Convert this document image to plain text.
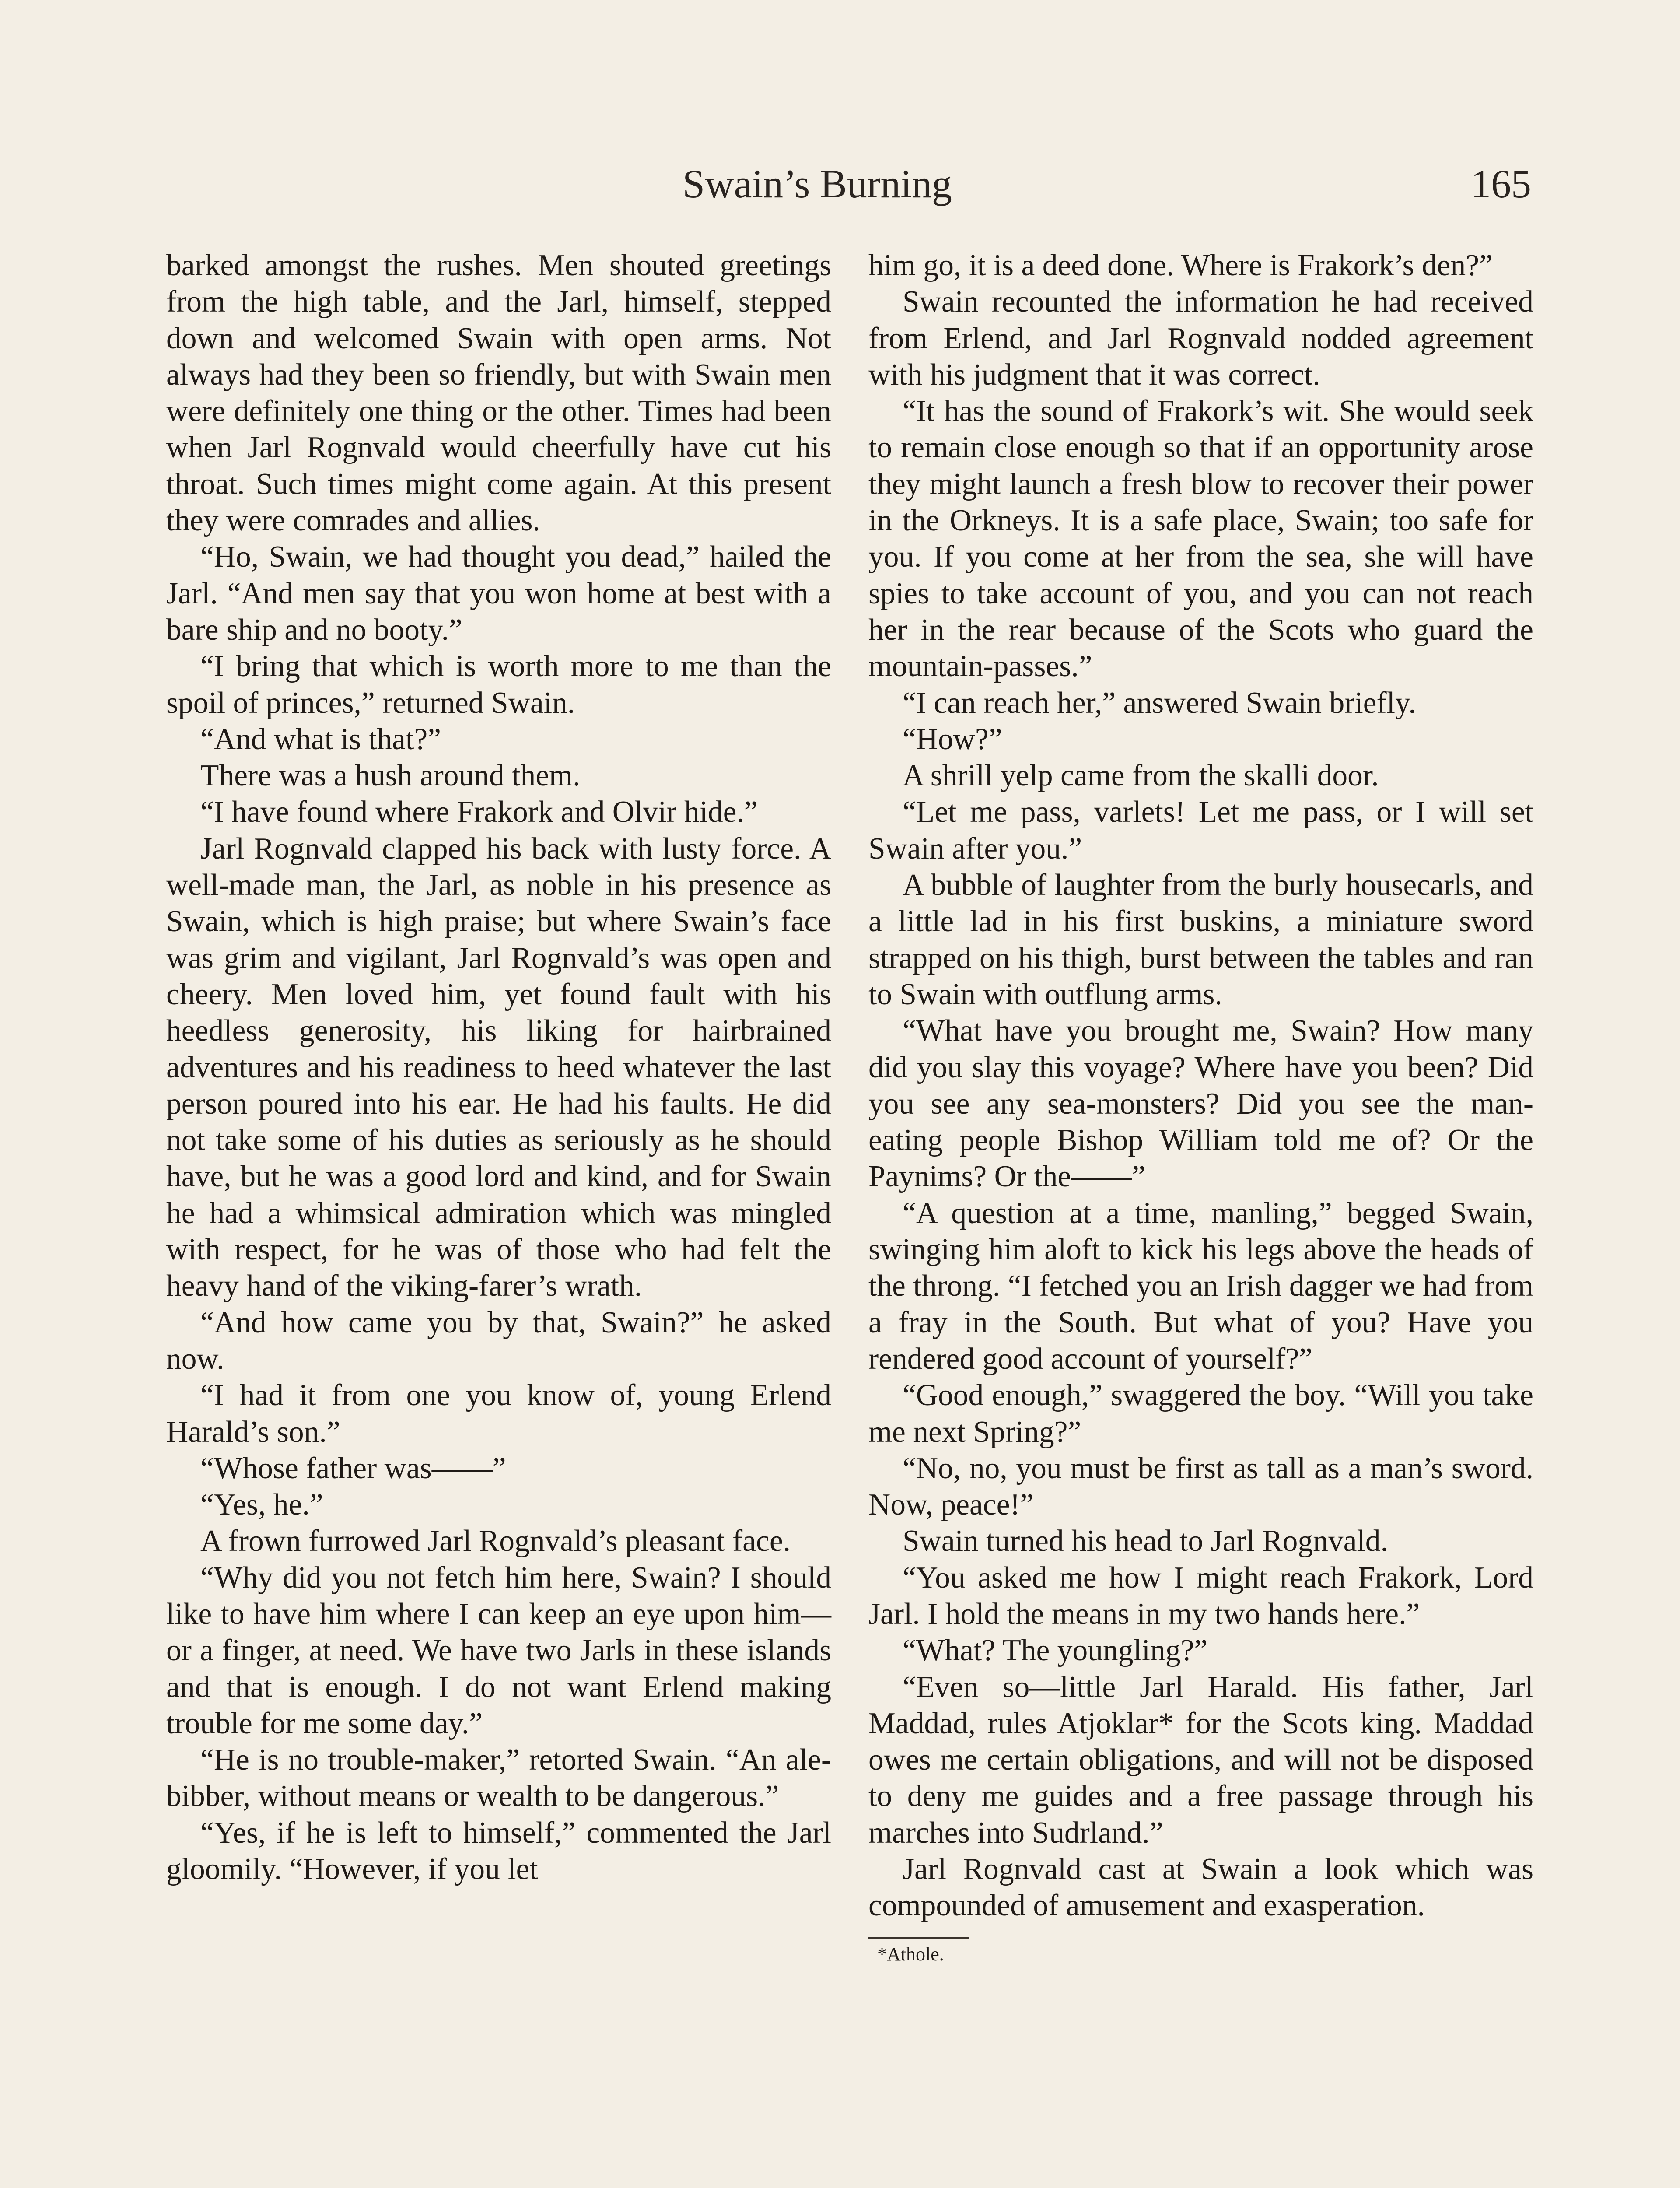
Swain’s Burning	165

barked amongst the rushes. Men shouted greetings from the high table, and the Jarl, himself, stepped down and welcomed Swain with open arms. Not always had they been so friendly, but with Swain men were definitely one thing or the other. Times had been when Jarl Rognvald would cheerfully have cut his throat. Such times might come again. At this present they were comrades and allies.

“Ho, Swain, we had thought you dead,” hailed the Jarl. “And men say that you won home at best with a bare ship and no booty.”

“I bring that which is worth more to me than the spoil of princes,” returned Swain.

“And what is that?”

There was a hush around them.

“I have found where Frakork and Olvir hide.”

Jarl Rognvald clapped his back with lusty force. A well-made man, the Jarl, as noble in his presence as Swain, which is high praise; but where Swain’s face was grim and vigilant, Jarl Rognvald’s was open and cheery. Men loved him, yet found fault with his heedless generosity, his liking for hairbrained adventures and his readiness to heed whatever the last person poured into his ear. He had his faults. He did not take some of his duties as seriously as he should have, but he was a good lord and kind, and for Swain he had a whimsical admiration which was mingled with respect, for he was of those who had felt the heavy hand of the viking-farer’s wrath.

“And how came you by that, Swain?” he asked now.

“I had it from one you know of, young Erlend Harald’s son.”

“Whose father was——”

“Yes, he.”

A frown furrowed Jarl Rognvald’s pleasant face.

“Why did you not fetch him here, Swain? I should like to have him where I can keep an eye upon him—or a finger, at need. We have two Jarls in these islands and that is enough. I do not want Erlend making trouble for me some day.”

“He is no trouble-maker,” retorted Swain. “An ale-bibber, without means or wealth to be dangerous.”

“Yes, if he is left to himself,” commented the Jarl gloomily. “However, if you let

him go, it is a deed done. Where is Frakork’s den?”

Swain recounted the information he had received from Erlend, and Jarl Rognvald nodded agreement with his judgment that it was correct.

“It has the sound of Frakork’s wit. She would seek to remain close enough so that if an opportunity arose they might launch a fresh blow to recover their power in the Orkneys. It is a safe place, Swain; too safe for you. If you come at her from the sea, she will have spies to take account of you, and you can not reach her in the rear because of the Scots who guard the mountain-passes.”

“I can reach her,” answered Swain briefly.

“How?”

A shrill yelp came from the skalli door.

“Let me pass, varlets! Let me pass, or I will set Swain after you.”

A bubble of laughter from the burly housecarls, and a little lad in his first buskins, a miniature sword strapped on his thigh, burst between the tables and ran to Swain with outflung arms.

“What have you brought me, Swain? How many did you slay this voyage? Where have you been? Did you see any sea-monsters? Did you see the man-eating people Bishop William told me of? Or the Paynims? Or the——”

“A question at a time, manling,” begged Swain, swinging him aloft to kick his legs above the heads of the throng. “I fetched you an Irish dagger we had from a fray in the South. But what of you? Have you rendered good account of yourself?”

“Good enough,” swaggered the boy. “Will you take me next Spring?”

“No, no, you must be first as tall as a man’s sword. Now, peace!”

Swain turned his head to Jarl Rognvald.

“You asked me how I might reach Frakork, Lord Jarl. I hold the means in my two hands here.”

“What? The youngling?”

“Even so—little Jarl Harald. His father, Jarl Maddad, rules Atjoklar* for the Scots king. Maddad owes me certain obligations, and will not be disposed to deny me guides and a free passage through his marches into Sudrland.”

Jarl Rognvald cast at Swain a look which was compounded of amusement and exasperation.

*Athole.
